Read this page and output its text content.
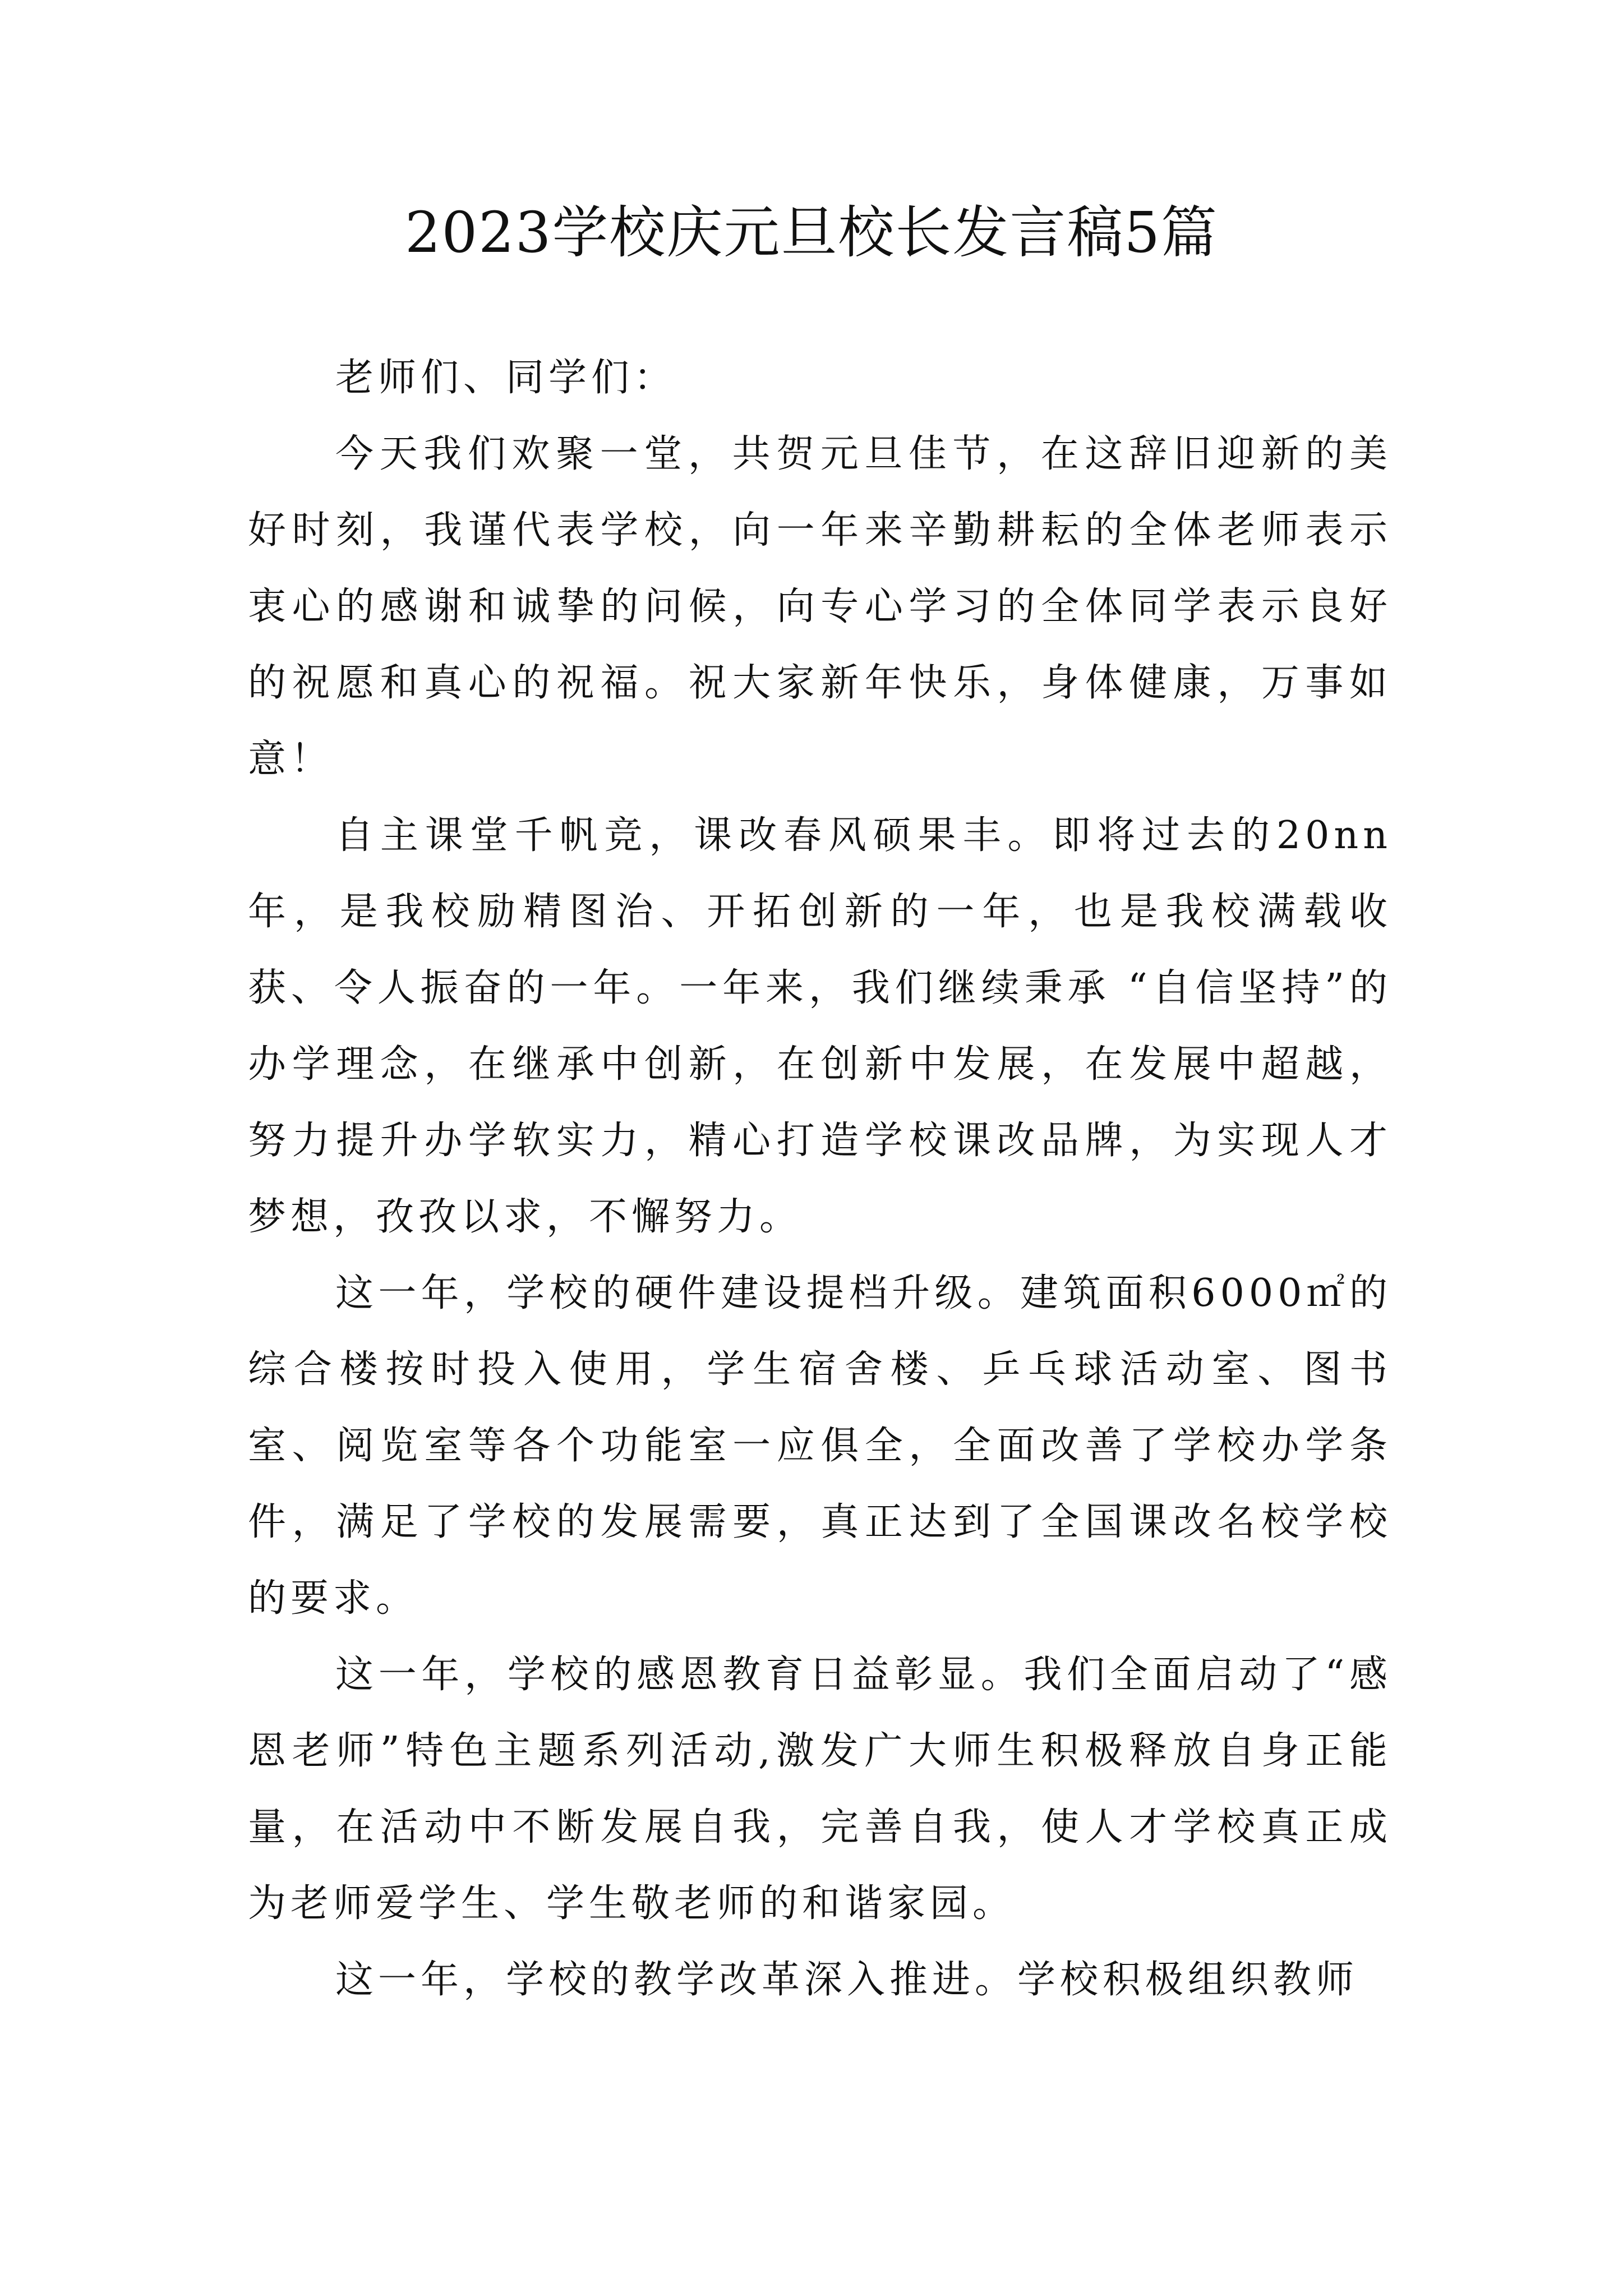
2023学校庆元旦校长发言稿5篇

老师们、同学们：

今天我们欢聚一堂，共贺元旦佳节，在这辞旧迎新的美好时刻，我谨代表学校，向一年来辛勤耕耘的全体老师表示衷心的感谢和诚挚的问候，向专心学习的全体同学表示良好的祝愿和真心的祝福。祝大家新年快乐，身体健康，万事如意！

自主课堂千帆竞，课改春风硕果丰。即将过去的20nn年，是我校励精图治、开拓创新的一年，也是我校满载收获、令人振奋的一年。一年来，我们继续秉承 “自信坚持”的办学理念，在继承中创新，在创新中发展，在发展中超越，努力提升办学软实力，精心打造学校课改品牌，为实现人才梦想，孜孜以求，不懈努力。

这一年，学校的硬件建设提档升级。建筑面积6000㎡的综合楼按时投入使用，学生宿舍楼、乒乓球活动室、图书室、阅览室等各个功能室一应俱全，全面改善了学校办学条件，满足了学校的发展需要，真正达到了全国课改名校学校的要求。

这一年，学校的感恩教育日益彰显。我们全面启动了“感恩老师”特色主题系列活动,激发广大师生积极释放自身正能量，在活动中不断发展自我，完善自我，使人才学校真正成为老师爱学生、学生敬老师的和谐家园。

这一年，学校的教学改革深入推进。学校积极组织教师
